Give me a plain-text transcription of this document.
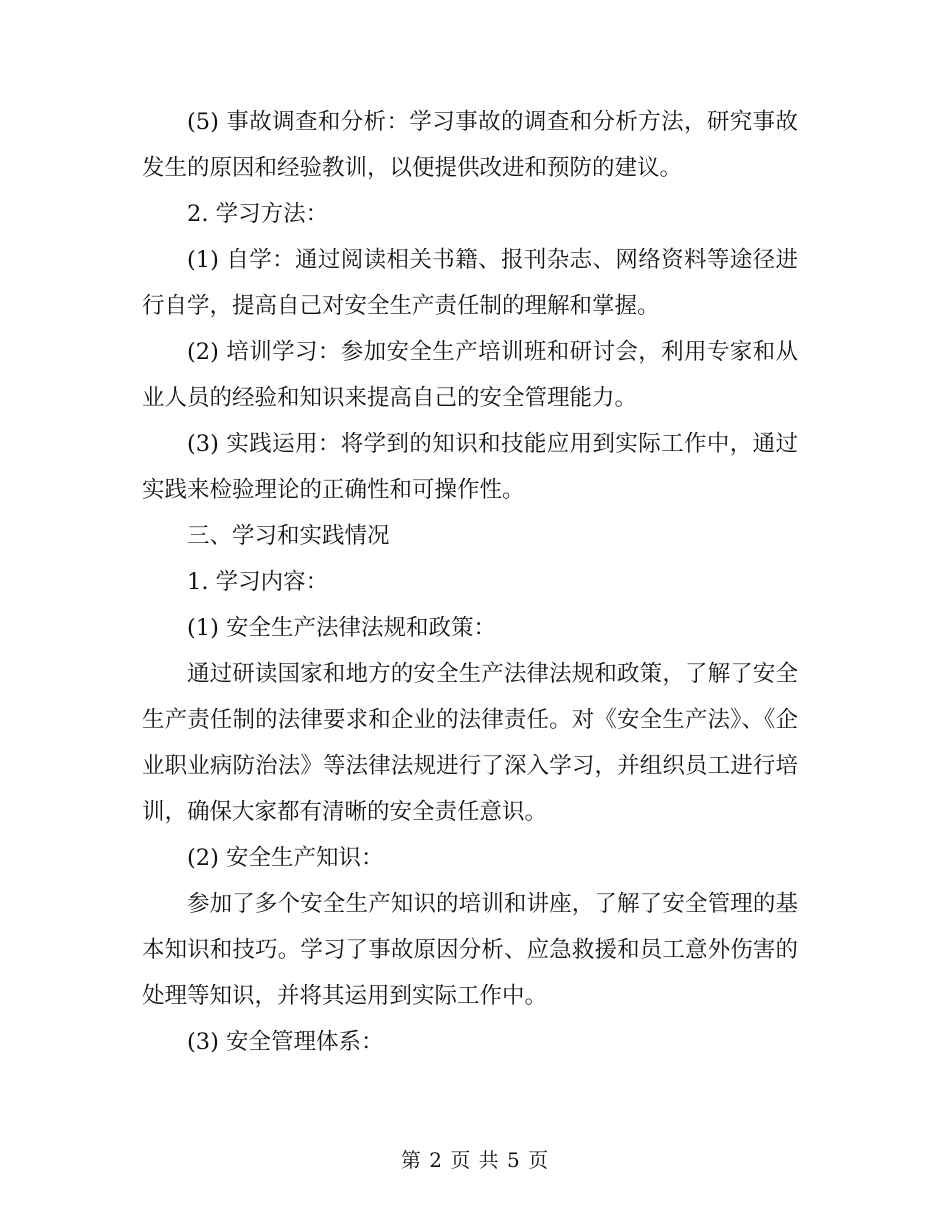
(5) 事故调查和分析：学习事故的调查和分析方法，研究事故发生的原因和经验教训，以便提供改进和预防的建议。

2. 学习方法：

(1) 自学：通过阅读相关书籍、报刊杂志、网络资料等途径进行自学，提高自己对安全生产责任制的理解和掌握。

(2) 培训学习：参加安全生产培训班和研讨会，利用专家和从业人员的经验和知识来提高自己的安全管理能力。

(3) 实践运用：将学到的知识和技能应用到实际工作中，通过实践来检验理论的正确性和可操作性。

三、学习和实践情况

1. 学习内容：

(1) 安全生产法律法规和政策：

通过研读国家和地方的安全生产法律法规和政策，了解了安全生产责任制的法律要求和企业的法律责任。对《安全生产法》、《企业职业病防治法》等法律法规进行了深入学习，并组织员工进行培训，确保大家都有清晰的安全责任意识。

(2) 安全生产知识：

参加了多个安全生产知识的培训和讲座，了解了安全管理的基本知识和技巧。学习了事故原因分析、应急救援和员工意外伤害的处理等知识，并将其运用到实际工作中。

(3) 安全管理体系：

第 2 页 共 5 页
